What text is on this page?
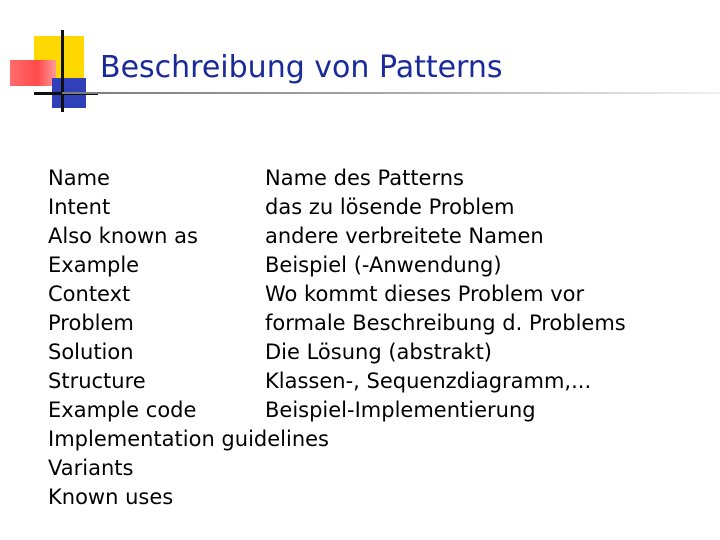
Beschreibung von Patterns
Name	Name des Patterns
Intent	das zu lösende Problem
Also known as	andere verbreitete Namen
Example	Beispiel (-Anwendung)
Context	Wo kommt dieses Problem vor
Problem	formale Beschreibung d. Problems
Solution	Die Lösung (abstrakt)
Structure	Klassen-, Sequenzdiagramm,...
Example code	Beispiel-Implementierung
Implementation guidelines
Variants
Known uses
